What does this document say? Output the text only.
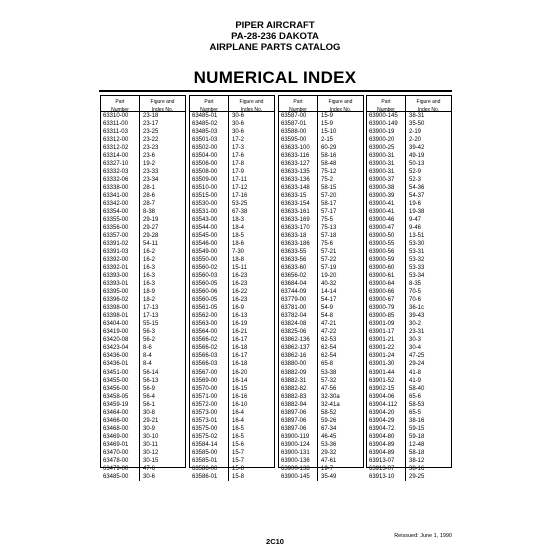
PIPER AIRCRAFT
PA-28-236 DAKOTA
AIRPLANE PARTS CATALOG
NUMERICAL INDEX
Part
Number
Figure and
Index No.
63310-00	23-18
63311-00	23-17
63311-03	23-25
63312-00	23-22
63312-02	23-23
63314-00	23-6
63327-10	19-2
63332-03	23-33
63332-06	23-34
63338-00	28-1
63341-00	28-6
63342-00	28-7
63354-00	8-38
63355-00	29-19
63356-00	29-27
63357-00	29-28
63391-02	54-11
63391-03	16-2
63392-00	16-2
63392-01	16-3
63393-00	16-3
63393-01	16-3
63395-00	18-9
63396-02	18-2
63398-00	17-13
63398-01	17-13
63404-00	55-15
63419-00	56-3
63420-08	56-2
63423-04	8-6
63436-00	8-4
63436-01	8-4
63451-00	56-14
63455-00	56-13
63456-00	56-9
63458-05	56-4
63459-19	56-1
63464-00	30-8
63466-00	29-21
63468-00	30-9
63469-00	30-10
63469-01	30-11
63470-00	30-12
63478-00	30-15
63479-00	47-6
63485-00	30-6
Part
Number
Figure and
Index No.
63485-01	30-6
63485-02	30-6
63485-03	30-6
63501-03	17-2
63502-00	17-3
63504-00	17-6
63506-00	17-8
63508-00	17-9
63509-00	17-11
63510-00	17-12
63515-00	17-16
63530-00	53-25
63531-00	67-38
63543-00	18-3
63544-00	18-4
63545-00	18-5
63546-00	18-6
63549-00	7-30
63550-00	18-8
63560-02	15-11
63560-03	16-23
63560-05	16-23
63560-06	16-22
63560-05	16-23
63561-05	16-9
63562-00	16-13
63563-00	16-19
63564-00	16-21
63566-02	16-17
63566-02	16-18
63566-03	16-17
63566-03	16-18
63567-00	16-20
63569-00	16-14
63570-00	16-15
63571-00	16-16
63572-00	16-10
63573-00	16-4
63573-01	16-4
63575-00	16-5
63575-02	16-5
63584-14	15-6
63585-00	15-7
63585-01	15-7
63586-00	15-8
63586-01	15-8
Part
Number
Figure and
Index No.
63587-00	15-9
63587-01	15-9
63588-00	15-10
63595-00	2-15
63633-100	60-29
63633-116	58-16
63633-127	58-48
63633-135	75-12
63633-136	75-2
63633-148	58-15
63633-15	57-20
63633-154	58-17
63633-161	57-17
63633-169	75-5
63633-170	75-13
63633-18	57-18
63633-186	75-6
63633-55	57-21
63633-56	57-22
63633-60	57-19
63656-02	19-20
63684-04	40-32
63744-09	14-14
63779-00	54-17
63781-00	54-9
63782-04	54-8
63824-08	47-21
63825-06	47-22
63862-136	62-53
63862-137	62-54
63862-16	62-54
63880-00	65-8
63882-09	53-38
63882-31	57-32
63882-82	47-56
63882-83	32-30a
63882-94	32-41a
63897-06	58-52
63897-06	59-26
63897-06	67-34
63900-119	46-45
63900-124	53-36
63900-131	29-32
63900-136	47-61
63900-138	19-7
63900-145	35-49
Part
Number
Figure and
Index No.
63900-145	38-31
63900-149	35-50
63900-19	2-19
63900-20	2-20
63900-25	39-42
63900-31	49-19
63900-31	50-13
63900-31	52-9
63900-37	52-3
63900-38	54-36
63900-39	54-37
63900-41	19-6
63900-41	19-38
63900-46	9-47
63900-47	9-46
63900-50	13-51
63900-55	53-30
63900-56	53-31
63900-59	53-32
63900-60	53-33
63900-61	53-34
63900-64	8-35
63900-66	70-5
63900-67	70-6
63900-79	36-1c
63900-85	39-43
63901-09	30-2
63901-17	23-31
63901-21	30-3
63901-22	30-4
63901-24	47-25
63901-30	29-24
63901-44	41-8
63901-52	41-9
63902-15	58-40
63904-06	65-6
63904-112	58-53
63904-20	65-5
63904-29	38-16
63904-72	59-15
63904-80	59-18
63904-89	12-48
63904-89	58-18
63913-07	38-12
63913-07	38-16
63913-10	29-25
Reissued: June 1, 1990
2C10
